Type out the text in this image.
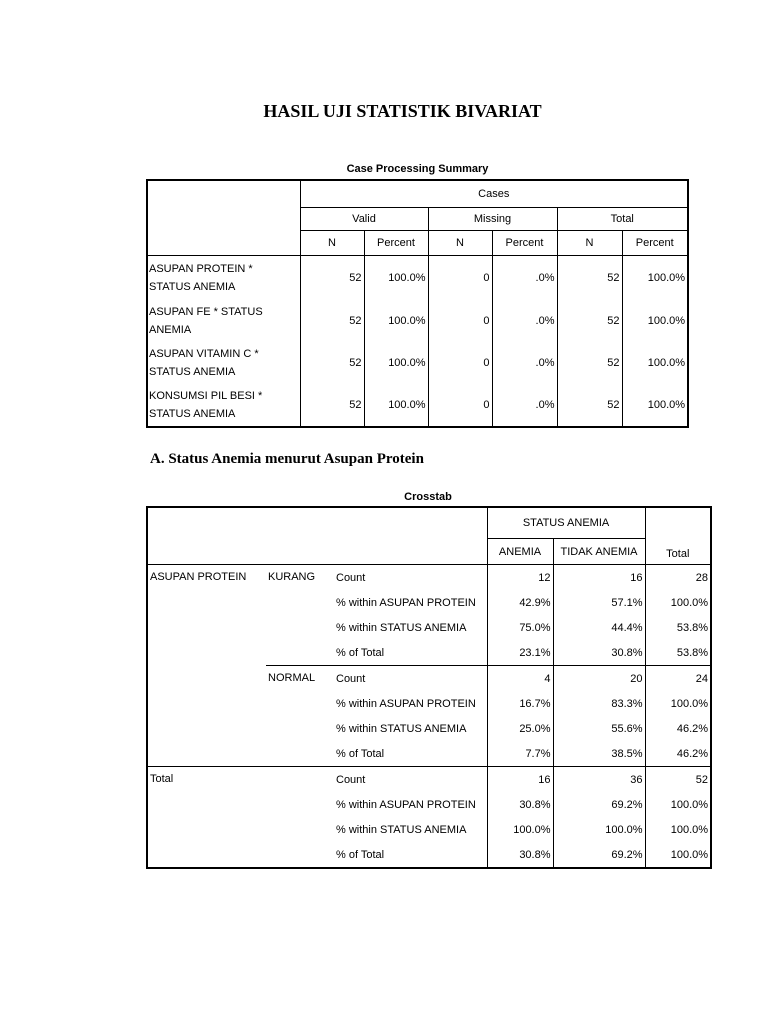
HASIL UJI STATISTIK BIVARIAT
Case Processing Summary
	Cases					
	Valid		Missing		Total	
	N	Percent	N	Percent	N	Percent
ASUPAN PROTEIN * STATUS ANEMIA	52	100.0%	0	.0%	52	100.0%
ASUPAN FE * STATUS ANEMIA	52	100.0%	0	.0%	52	100.0%
ASUPAN VITAMIN C * STATUS ANEMIA	52	100.0%	0	.0%	52	100.0%
KONSUMSI PIL BESI * STATUS ANEMIA	52	100.0%	0	.0%	52	100.0%
A. Status Anemia menurut Asupan Protein
Crosstab
			STATUS ANEMIA		Total
			ANEMIA	TIDAK ANEMIA	
ASUPAN PROTEIN	KURANG	Count	12	16	28
		% within ASUPAN PROTEIN	42.9%	57.1%	100.0%
		% within STATUS ANEMIA	75.0%	44.4%	53.8%
		% of Total	23.1%	30.8%	53.8%
	NORMAL	Count	4	20	24
		% within ASUPAN PROTEIN	16.7%	83.3%	100.0%
		% within STATUS ANEMIA	25.0%	55.6%	46.2%
		% of Total	7.7%	38.5%	46.2%
Total		Count	16	36	52
		% within ASUPAN PROTEIN	30.8%	69.2%	100.0%
		% within STATUS ANEMIA	100.0%	100.0%	100.0%
		% of Total	30.8%	69.2%	100.0%
